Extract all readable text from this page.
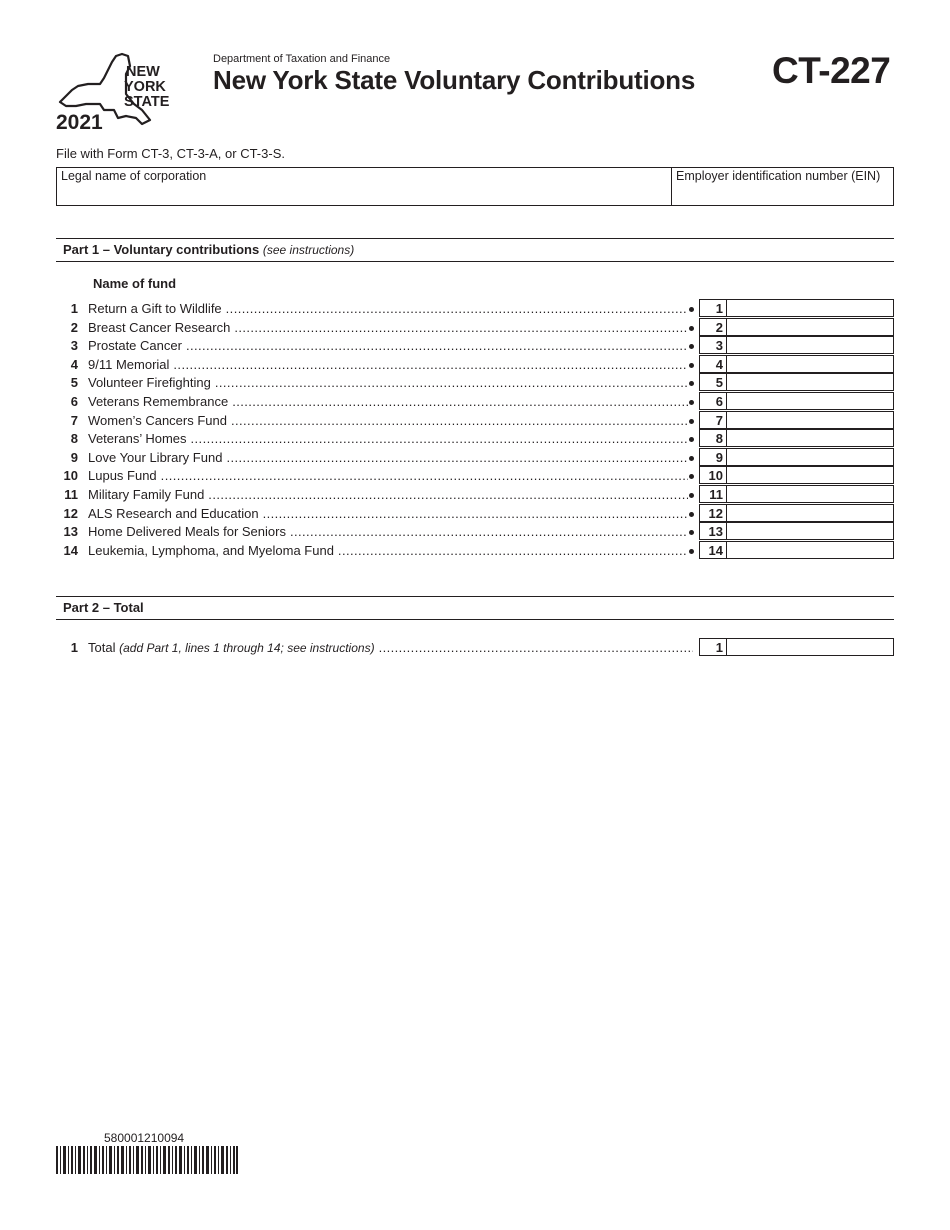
NEW
YORK
STATE
2021
Department of Taxation and Finance
New York State Voluntary Contributions CT-227
File with Form CT-3, CT-3-A, or CT-3-S.
Legal name of corporation	Employer identification number (EIN)
Part 1 – Voluntary contributions (see instructions)
Name of fund
1 Return a Gift to Wildlife .....	1
2 Breast Cancer Research .....	2
3 Prostate Cancer .....	3
4 9/11 Memorial .....	4
5 Volunteer Firefighting .....	5
6 Veterans Remembrance .....	6
7 Women’s Cancers Fund .....	7
8 Veterans’ Homes .....	8
9 Love Your Library Fund .....	9
10 Lupus Fund .....	10
11 Military Family Fund .....	11
12 ALS Research and Education .....	12
13 Home Delivered Meals for Seniors .....	13
14 Leukemia, Lymphoma, and Myeloma Fund .....	14
Part 2 – Total
1 Total (add Part 1, lines 1 through 14; see instructions) .....	1
580001210094
